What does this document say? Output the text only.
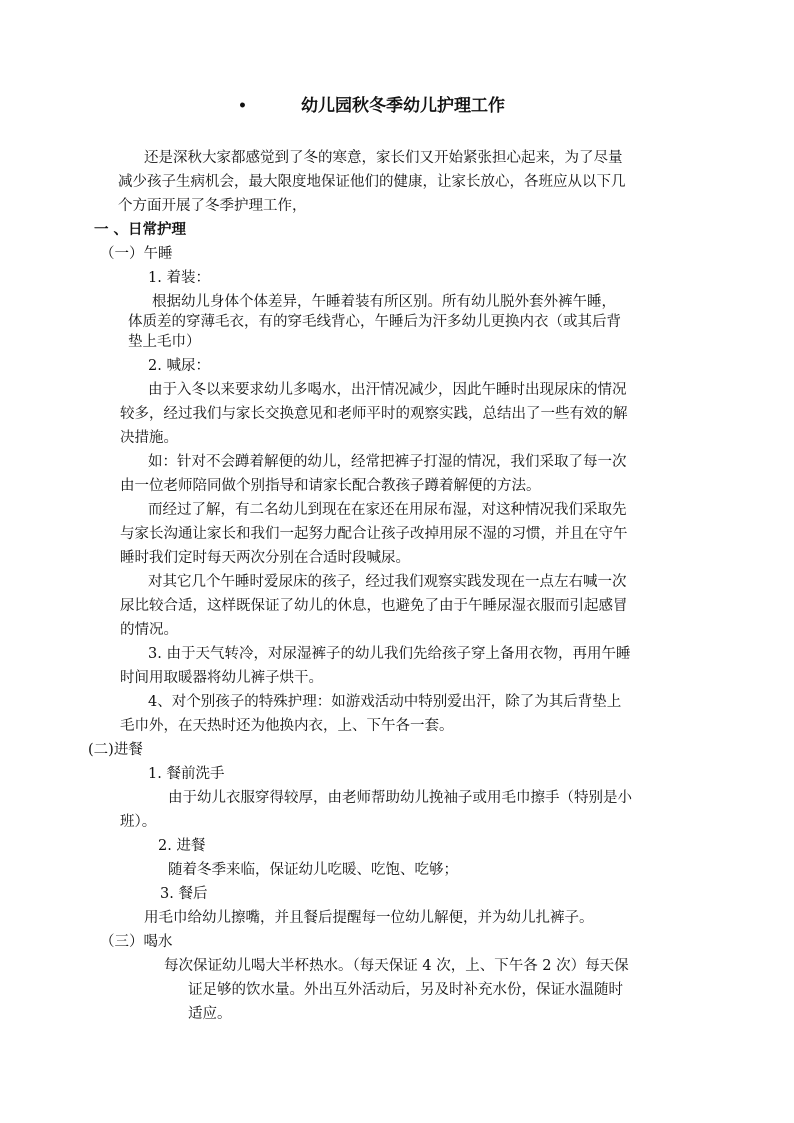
•	幼儿园秋冬季幼儿护理工作
还是深秋大家都感觉到了冬的寒意，家长们又开始紧张担心起来，为了尽量
减少孩子生病机会，最大限度地保证他们的健康，让家长放心，各班应从以下几
个方面开展了冬季护理工作，
一 、日常护理
（一）午睡
1. 着装：
根据幼儿身体个体差异，午睡着装有所区别。所有幼儿脱外套外裤午睡，
体质差的穿薄毛衣，有的穿毛线背心，午睡后为汗多幼儿更换内衣（或其后背
垫上毛巾）
2. 喊尿：
由于入冬以来要求幼儿多喝水，出汗情况减少，因此午睡时出现尿床的情况
较多，经过我们与家长交换意见和老师平时的观察实践，总结出了一些有效的解
决措施。
如：针对不会蹲着解便的幼儿，经常把裤子打湿的情况，我们采取了每一次
由一位老师陪同做个别指导和请家长配合教孩子蹲着解便的方法。
而经过了解，有二名幼儿到现在在家还在用尿布湿，对这种情况我们采取先
与家长沟通让家长和我们一起努力配合让孩子改掉用尿不湿的习惯，并且在守午
睡时我们定时每天两次分别在合适时段喊尿。
对其它几个午睡时爱尿床的孩子，经过我们观察实践发现在一点左右喊一次
尿比较合适，这样既保证了幼儿的休息，也避免了由于午睡尿湿衣服而引起感冒
的情况。
3. 由于天气转冷，对尿湿裤子的幼儿我们先给孩子穿上备用衣物，再用午睡
时间用取暖器将幼儿裤子烘干。
4、对个别孩子的特殊护理：如游戏活动中特别爱出汗，除了为其后背垫上
毛巾外，在天热时还为他换内衣，上、下午各一套。
(二)进餐
1. 餐前洗手
由于幼儿衣服穿得较厚，由老师帮助幼儿挽袖子或用毛巾擦手（特别是小
班）。
2. 进餐
随着冬季来临，保证幼儿吃暖、吃饱、吃够；
3. 餐后
用毛巾给幼儿擦嘴，并且餐后提醒每一位幼儿解便，并为幼儿扎裤子。
（三）喝水
每次保证幼儿喝大半杯热水。（每天保证 4 次，上、下午各 2 次）每天保
证足够的饮水量。外出互外活动后，另及时补充水份，保证水温随时
适应。
